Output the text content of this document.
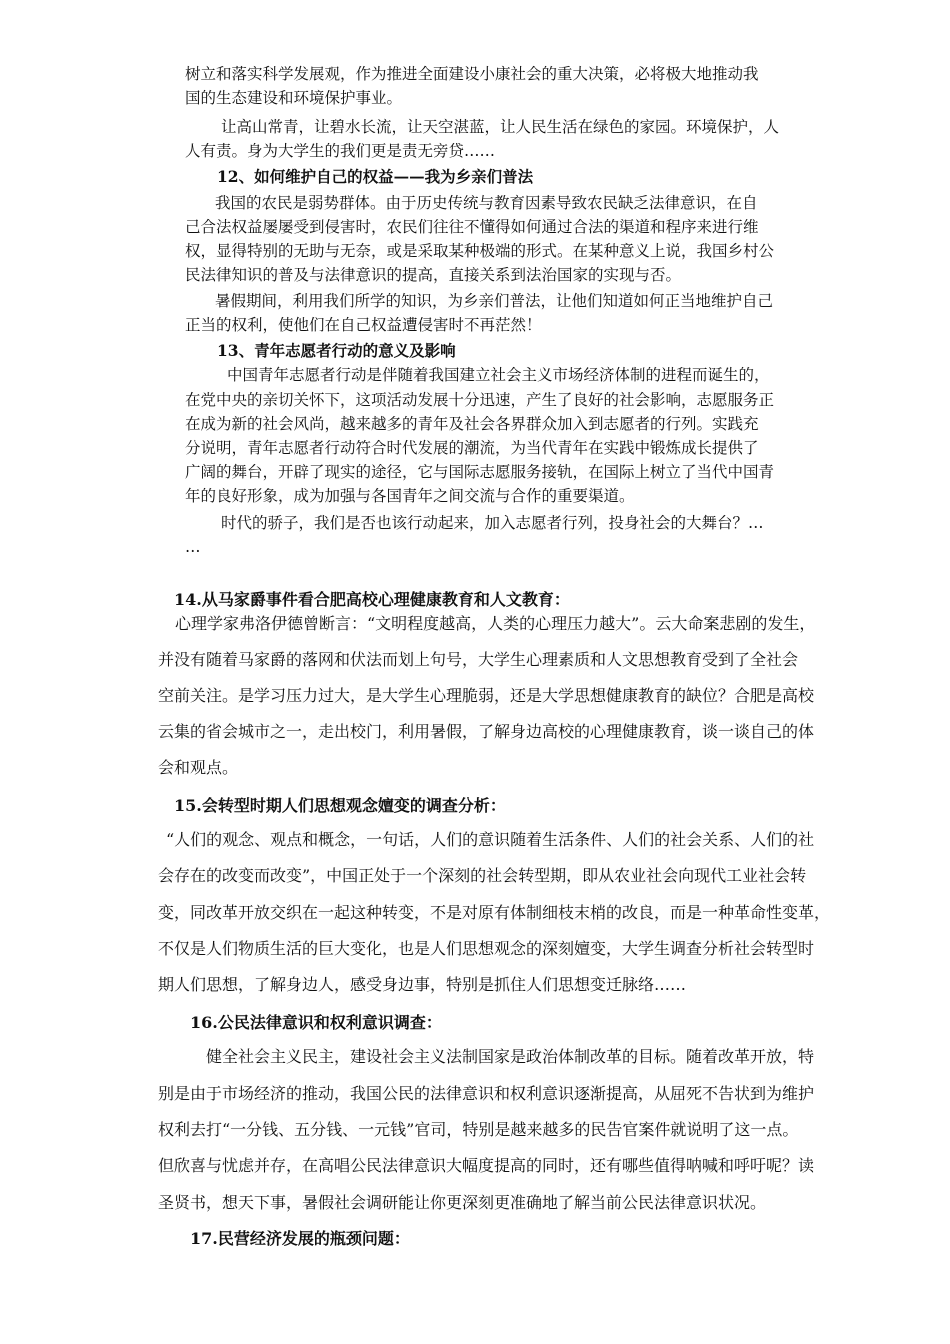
树立和落实科学发展观，作为推进全面建设小康社会的重大决策，必将极大地推动我
国的生态建设和环境保护事业。
让高山常青，让碧水长流，让天空湛蓝，让人民生活在绿色的家园。环境保护，人
人有责。身为大学生的我们更是责无旁贷……
12、如何维护自己的权益——我为乡亲们普法
我国的农民是弱势群体。由于历史传统与教育因素导致农民缺乏法律意识，在自
己合法权益屡屡受到侵害时，农民们往往不懂得如何通过合法的渠道和程序来进行维
权，显得特别的无助与无奈，或是采取某种极端的形式。在某种意义上说，我国乡村公
民法律知识的普及与法律意识的提高，直接关系到法治国家的实现与否。
暑假期间，利用我们所学的知识，为乡亲们普法，让他们知道如何正当地维护自己
正当的权利，使他们在自己权益遭侵害时不再茫然！
13、青年志愿者行动的意义及影响
中国青年志愿者行动是伴随着我国建立社会主义市场经济体制的进程而诞生的，
在党中央的亲切关怀下，这项活动发展十分迅速，产生了良好的社会影响，志愿服务正
在成为新的社会风尚，越来越多的青年及社会各界群众加入到志愿者的行列。实践充
分说明，青年志愿者行动符合时代发展的潮流，为当代青年在实践中锻炼成长提供了
广阔的舞台，开辟了现实的途径，它与国际志愿服务接轨，在国际上树立了当代中国青
年的良好形象，成为加强与各国青年之间交流与合作的重要渠道。
时代的骄子，我们是否也该行动起来，加入志愿者行列，投身社会的大舞台？…
…
14.从马家爵事件看合肥高校心理健康教育和人文教育：
心理学家弗洛伊德曾断言：“文明程度越高，人类的心理压力越大”。云大命案悲剧的发生，
并没有随着马家爵的落网和伏法而划上句号，大学生心理素质和人文思想教育受到了全社会
空前关注。是学习压力过大，是大学生心理脆弱，还是大学思想健康教育的缺位？合肥是高校
云集的省会城市之一，走出校门，利用暑假，了解身边高校的心理健康教育，谈一谈自己的体
会和观点。
15.会转型时期人们思想观念嬗变的调查分析：
“人们的观念、观点和概念，一句话，人们的意识随着生活条件、人们的社会关系、人们的社
会存在的改变而改变”，中国正处于一个深刻的社会转型期，即从农业社会向现代工业社会转
变，同改革开放交织在一起这种转变，不是对原有体制细枝末梢的改良，而是一种革命性变革，
不仅是人们物质生活的巨大变化，也是人们思想观念的深刻嬗变，大学生调查分析社会转型时
期人们思想，了解身边人，感受身边事，特别是抓住人们思想变迁脉络……
16.公民法律意识和权利意识调查：
健全社会主义民主，建设社会主义法制国家是政治体制改革的目标。随着改革开放，特
别是由于市场经济的推动，我国公民的法律意识和权利意识逐渐提高，从屈死不告状到为维护
权利去打“一分钱、五分钱、一元钱”官司，特别是越来越多的民告官案件就说明了这一点。
但欣喜与忧虑并存，在高唱公民法律意识大幅度提高的同时，还有哪些值得呐喊和呼吁呢？读
圣贤书，想天下事，暑假社会调研能让你更深刻更准确地了解当前公民法律意识状况。
17.民营经济发展的瓶颈问题：
